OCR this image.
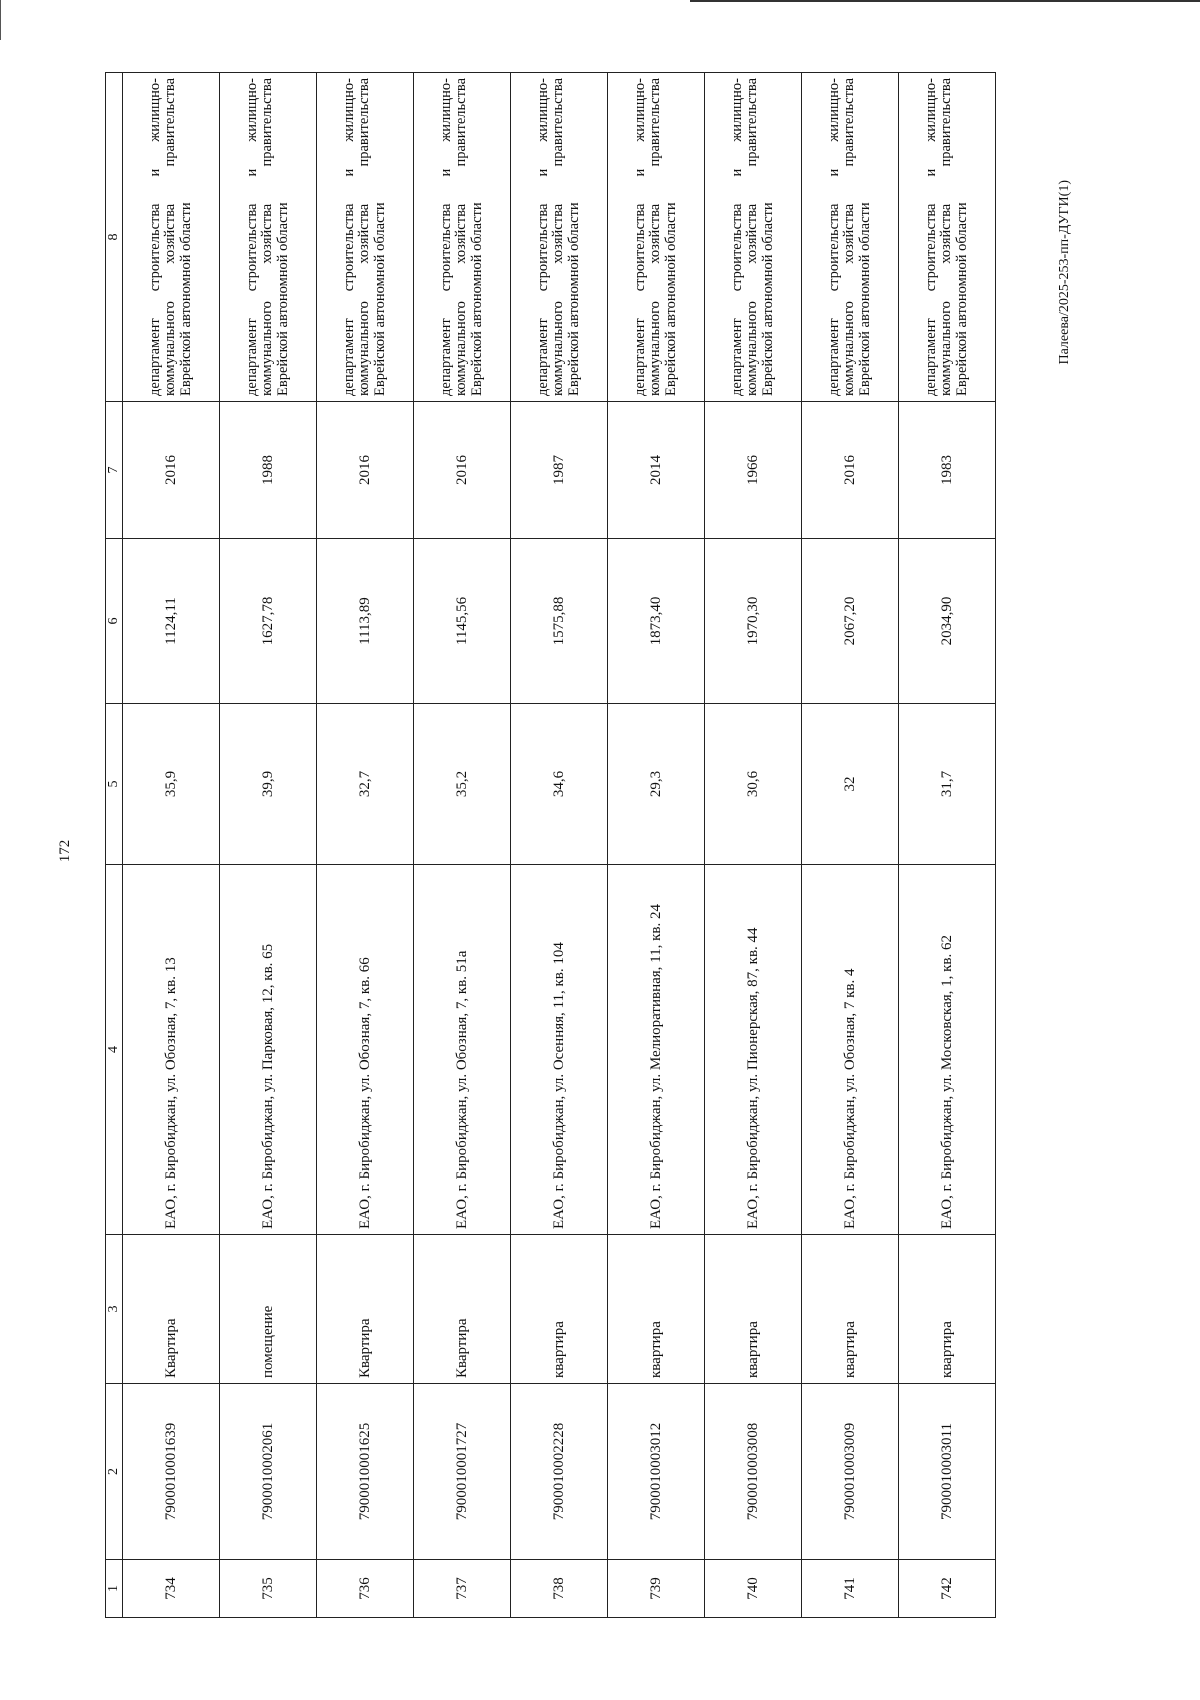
172
Палеева/2025-253-пп-ДУГИ(1)
1	2	3	4	5	6	7	8
734	7900010001639	Квартира	ЕАО, г. Биробиджан, ул. Обозная, 7, кв. 13	35,9	1124,11	2016	департамент строительства и жилищно-коммунального хозяйства правительства Еврейской автономной области
735	7900010002061	помещение	ЕАО, г. Биробиджан, ул. Парковая, 12, кв. 65	39,9	1627,78	1988	департамент строительства и жилищно-коммунального хозяйства правительства Еврейской автономной области
736	7900010001625	Квартира	ЕАО, г. Биробиджан, ул. Обозная, 7, кв. 66	32,7	1113,89	2016	департамент строительства и жилищно-коммунального хозяйства правительства Еврейской автономной области
737	7900010001727	Квартира	ЕАО, г. Биробиджан, ул. Обозная, 7, кв. 51а	35,2	1145,56	2016	департамент строительства и жилищно-коммунального хозяйства правительства Еврейской автономной области
738	7900010002228	квартира	ЕАО, г. Биробиджан, ул. Осенняя, 11, кв. 104	34,6	1575,88	1987	департамент строительства и жилищно-коммунального хозяйства правительства Еврейской автономной области
739	7900010003012	квартира	ЕАО, г. Биробиджан, ул. Мелиоративная, 11, кв. 24	29,3	1873,40	2014	департамент строительства и жилищно-коммунального хозяйства правительства Еврейской автономной области
740	7900010003008	квартира	ЕАО, г. Биробиджан, ул. Пионерская, 87, кв. 44	30,6	1970,30	1966	департамент строительства и жилищно-коммунального хозяйства правительства Еврейской автономной области
741	7900010003009	квартира	ЕАО, г. Биробиджан, ул. Обозная, 7 кв. 4	32	2067,20	2016	департамент строительства и жилищно-коммунального хозяйства правительства Еврейской автономной области
742	7900010003011	квартира	ЕАО, г. Биробиджан, ул. Московская, 1, кв. 62	31,7	2034,90	1983	департамент строительства и жилищно-коммунального хозяйства правительства Еврейской автономной области
